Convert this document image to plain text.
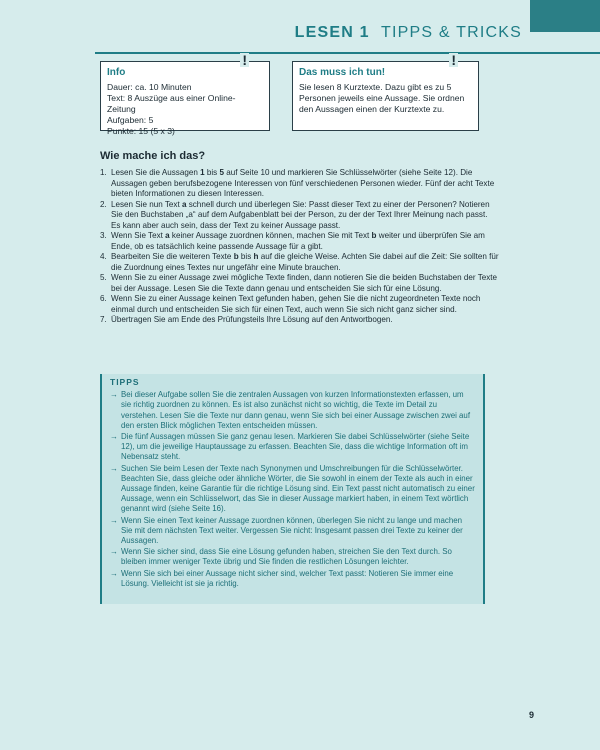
LESEN 1 TIPPS & TRICKS
!
Info
Dauer: ca. 10 Minuten
Text: 8 Auszüge aus einer Online-Zeitung
Aufgaben: 5
Punkte: 15 (5 x 3)
!
Das muss ich tun!
Sie lesen 8 Kurztexte. Dazu gibt es zu 5 Personen jeweils eine Aussage. Sie ordnen den Aussagen einen der Kurztexte zu.
Wie mache ich das?
1. Lesen Sie die Aussagen 1 bis 5 auf Seite 10 und markieren Sie Schlüsselwörter (siehe Seite 12). Die Aussagen geben berufsbezogene Interessen von fünf verschiedenen Personen wieder. Fünf der acht Texte bieten Informationen zu diesen Interessen.
2. Lesen Sie nun Text a schnell durch und überlegen Sie: Passt dieser Text zu einer der Personen? Notieren Sie den Buchstaben „a“ auf dem Aufgabenblatt bei der Person, zu der der Text Ihrer Meinung nach passt. Es kann aber auch sein, dass der Text zu keiner Aussage passt.
3. Wenn Sie Text a keiner Aussage zuordnen können, machen Sie mit Text b weiter und überprüfen Sie am Ende, ob es tatsächlich keine passende Aussage für a gibt.
4. Bearbeiten Sie die weiteren Texte b bis h auf die gleiche Weise. Achten Sie dabei auf die Zeit: Sie sollten für die Zuordnung eines Textes nur ungefähr eine Minute brauchen.
5. Wenn Sie zu einer Aussage zwei mögliche Texte finden, dann notieren Sie die beiden Buchstaben der Texte bei der Aussage. Lesen Sie die Texte dann genau und entscheiden Sie sich für eine Lösung.
6. Wenn Sie zu einer Aussage keinen Text gefunden haben, gehen Sie die nicht zugeordneten Texte noch einmal durch und entscheiden Sie sich für einen Text, auch wenn Sie sich nicht ganz sicher sind.
7. Übertragen Sie am Ende des Prüfungsteils Ihre Lösung auf den Antwortbogen.
TIPPS
→ Bei dieser Aufgabe sollen Sie die zentralen Aussagen von kurzen Informationstexten erfassen, um sie richtig zuordnen zu können. Es ist also zunächst nicht so wichtig, die Texte im Detail zu verstehen. Lesen Sie die Texte nur dann genau, wenn Sie sich bei einer Aussage zwischen zwei auf den ersten Blick möglichen Texten entscheiden müssen.
→ Die fünf Aussagen müssen Sie ganz genau lesen. Markieren Sie dabei Schlüsselwörter (siehe Seite 12), um die jeweilige Hauptaussage zu erfassen. Beachten Sie, dass die wichtige Information oft im Nebensatz steht.
→ Suchen Sie beim Lesen der Texte nach Synonymen und Umschreibungen für die Schlüsselwörter. Beachten Sie, dass gleiche oder ähnliche Wörter, die Sie sowohl in einem der Texte als auch in einer Aussage finden, keine Garantie für die richtige Lösung sind. Ein Text passt nicht automatisch zu einer Aussage, wenn ein Schlüsselwort, das Sie in dieser Aussage markiert haben, in einem Text wörtlich genannt wird (siehe Seite 16).
→ Wenn Sie einen Text keiner Aussage zuordnen können, überlegen Sie nicht zu lange und machen Sie mit dem nächsten Text weiter. Vergessen Sie nicht: Insgesamt passen drei Texte zu keiner der Aussagen.
→ Wenn Sie sicher sind, dass Sie eine Lösung gefunden haben, streichen Sie den Text durch. So bleiben immer weniger Texte übrig und Sie finden die restlichen Lösungen leichter.
→ Wenn Sie sich bei einer Aussage nicht sicher sind, welcher Text passt: Notieren Sie immer eine Lösung. Vielleicht ist sie ja richtig.
9
